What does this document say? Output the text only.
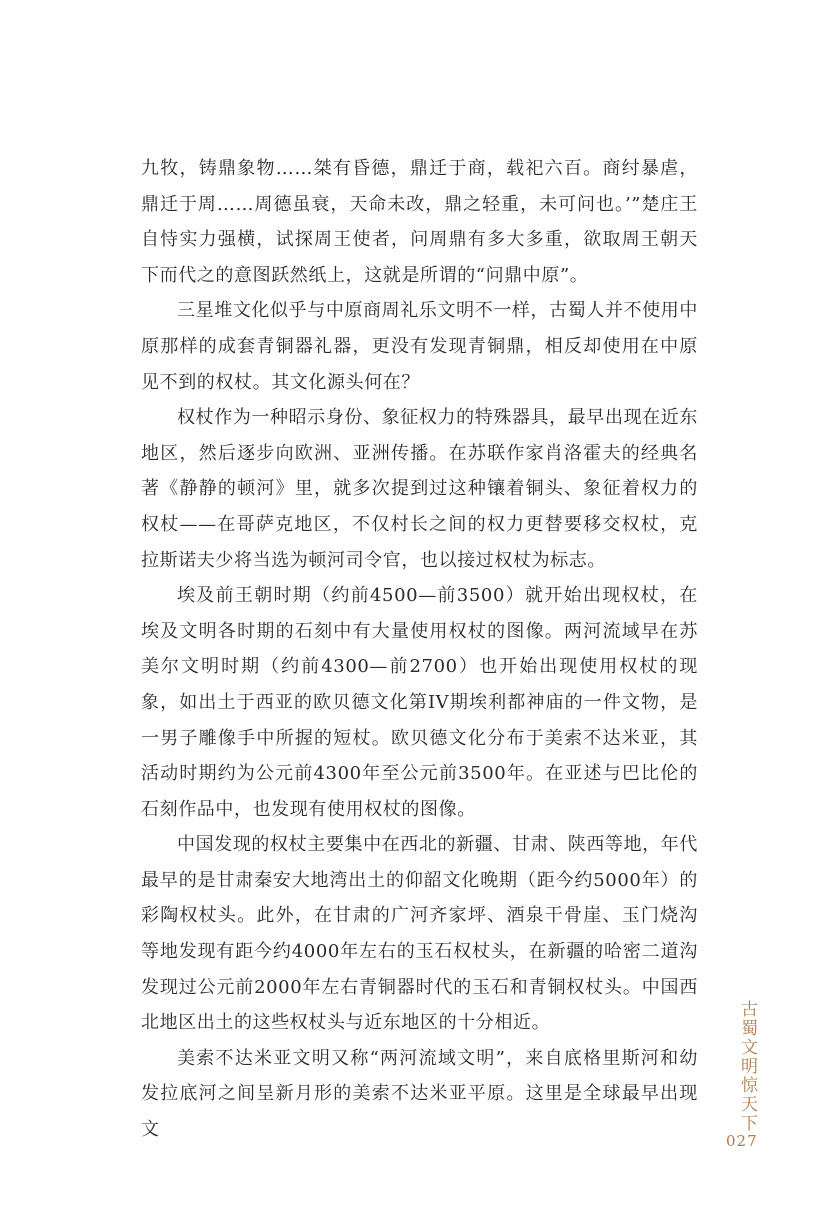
九牧，铸鼎象物……桀有昏德，鼎迁于商，载祀六百。商纣暴虐，鼎迁于周……周德虽衰，天命未改，鼎之轻重，未可问也。’”楚庄王自恃实力强横，试探周王使者，问周鼎有多大多重，欲取周王朝天下而代之的意图跃然纸上，这就是所谓的“问鼎中原”。

三星堆文化似乎与中原商周礼乐文明不一样，古蜀人并不使用中原那样的成套青铜器礼器，更没有发现青铜鼎，相反却使用在中原见不到的权杖。其文化源头何在？

权杖作为一种昭示身份、象征权力的特殊器具，最早出现在近东地区，然后逐步向欧洲、亚洲传播。在苏联作家肖洛霍夫的经典名著《静静的顿河》里，就多次提到过这种镶着铜头、象征着权力的权杖——在哥萨克地区，不仅村长之间的权力更替要移交权杖，克拉斯诺夫少将当选为顿河司令官，也以接过权杖为标志。

埃及前王朝时期（约前4500—前3500）就开始出现权杖，在埃及文明各时期的石刻中有大量使用权杖的图像。两河流域早在苏美尔文明时期（约前4300—前2700）也开始出现使用权杖的现象，如出土于西亚的欧贝德文化第IV期埃利都神庙的一件文物，是一男子雕像手中所握的短杖。欧贝德文化分布于美索不达米亚，其活动时期约为公元前4300年至公元前3500年。在亚述与巴比伦的石刻作品中，也发现有使用权杖的图像。

中国发现的权杖主要集中在西北的新疆、甘肃、陕西等地，年代最早的是甘肃秦安大地湾出土的仰韶文化晚期（距今约5000年）的彩陶权杖头。此外，在甘肃的广河齐家坪、酒泉干骨崖、玉门烧沟等地发现有距今约4000年左右的玉石权杖头，在新疆的哈密二道沟发现过公元前2000年左右青铜器时代的玉石和青铜权杖头。中国西北地区出土的这些权杖头与近东地区的十分相近。

美索不达米亚文明又称“两河流域文明”，来自底格里斯河和幼发拉底河之间呈新月形的美索不达米亚平原。这里是全球最早出现文	古蜀文明惊天下
027
